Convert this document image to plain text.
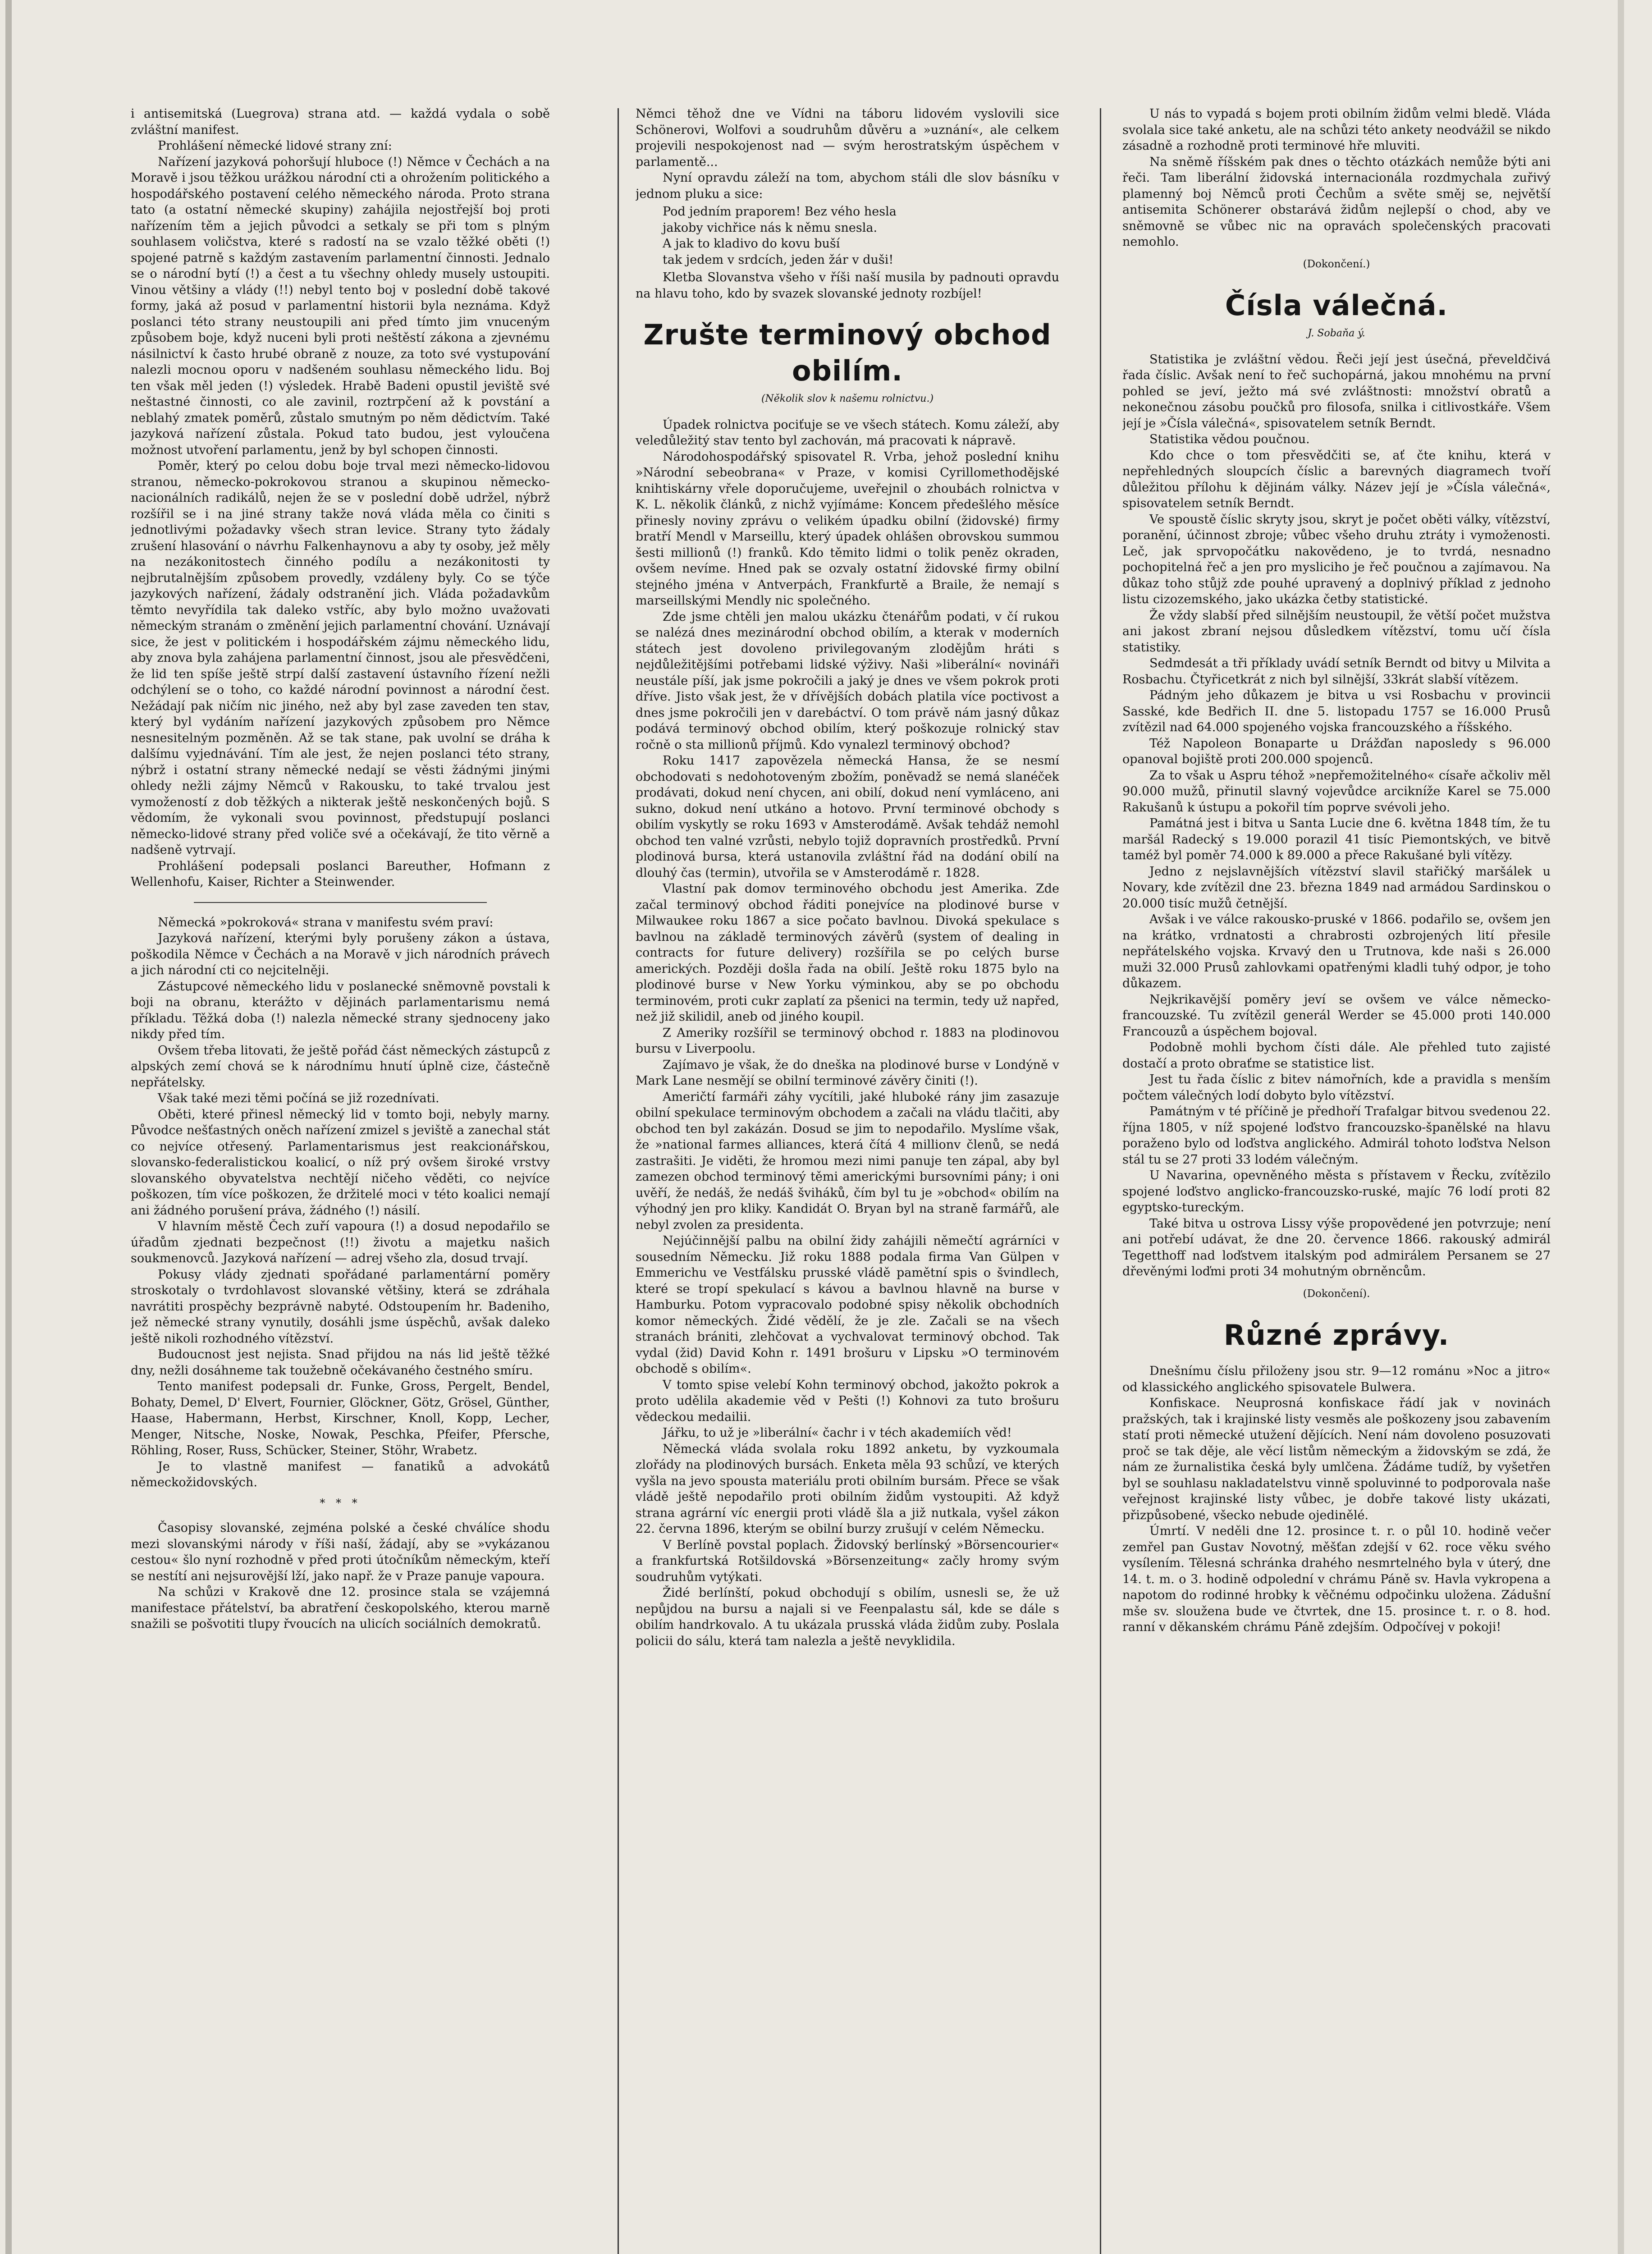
i antisemitská (Luegrova) strana atd. — každá vydala o sobě zvláštní manifest.

Prohlášení německé lidové strany zní:

Nařízení jazyková pohoršují hluboce (!) Němce v Čechách a na Moravě i jsou těžkou urážkou národní cti a ohrožením politického a hospodářského postavení celého německého národa. Proto strana tato (a ostatní německé skupiny) zahájila nejostřejší boj proti nařízením těm a jejich původci a setkaly se při tom s plným souhlasem voličstva, které s radostí na se vzalo těžké oběti (!) spojené patrně s každým zastavením parlamentní činnosti. Jednalo se o národní bytí (!) a čest a tu všechny ohledy musely ustoupiti. Vinou většiny a vlády (!!) nebyl tento boj v poslední době takové formy, jaká až posud v parlamentní historii byla neznáma. Když poslanci této strany neustoupili ani před tímto jim vnuceným způsobem boje, když nuceni byli proti neštěstí zákona a zjevnému násilnictví k často hrubé obraně z nouze, za toto své vystupování nalezli mocnou oporu v nadšeném souhlasu německého lidu. Boj ten však měl jeden (!) výsledek. Hrabě Badeni opustil jeviště své neštastné činnosti, co ale zavinil, roztrpčení až k povstání a neblahý zmatek poměrů, zůstalo smutným po něm dědictvím. Také jazyková nařízení zůstala. Pokud tato budou, jest vyloučena možnost utvoření parlamentu, jenž by byl schopen činnosti.

Poměr, který po celou dobu boje trval mezi německo-lidovou stranou, německo-pokrokovou stranou a skupinou německo-nacionálních radikálů, nejen že se v poslední době udržel, nýbrž rozšířil se i na jiné strany takže nová vláda měla co činiti s jednotlivými požadavky všech stran levice. Strany tyto žádaly zrušení hlasování o návrhu Falkenhaynovu a aby ty osoby, jež měly na nezákonitostech činného podílu a nezákonitosti ty nejbrutalnějším způsobem provedly, vzdáleny byly. Co se týče jazykových nařízení, žádaly odstranění jich. Vláda požadavkům těmto nevyřídila tak daleko vstříc, aby bylo možno uvažovati německým stranám o změnění jejich parlamentní chování. Uznávají sice, že jest v politickém i hospodářském zájmu německého lidu, aby znova byla zahájena parlamentní činnost, jsou ale přesvědčeni, že lid ten spíše ještě strpí další zastavení ústavního řízení nežli odchýlení se o toho, co každé národní povinnost a národní čest. Nežádají pak ničím nic jiného, než aby byl zase zaveden ten stav, který byl vydáním nařízení jazykových způsobem pro Němce nesnesitelným pozměněn. Až se tak stane, pak uvolní se dráha k dalšímu vyjednávání. Tím ale jest, že nejen poslanci této strany, nýbrž i ostatní strany německé nedají se věsti žádnými jinými ohledy nežli zájmy Němců v Rakousku, to také trvalou jest vymožeností z dob těžkých a nikterak ještě neskončených bojů. S vědomím, že vykonali svou povinnost, předstupují poslanci německo-lidové strany před voliče své a očekávají, že tito věrně a nadšeně vytrvají.

Prohlášení podepsali poslanci Bareuther, Hofmann z Wellenhofu, Kaiser, Richter a Steinwender.

Německá »pokroková« strana v manifestu svém praví:

Jazyková nařízení, kterými byly porušeny zákon a ústava, poškodila Němce v Čechách a na Moravě v jich národních právech a jich národní cti co nejcitelněji.

Zástupcové německého lidu v poslanecké sněmovně povstali k boji na obranu, kterážto v dějinách parlamentarismu nemá příkladu. Těžká doba (!) nalezla německé strany sjednoceny jako nikdy před tím.

Ovšem třeba litovati, že ještě pořád část německých zástupců z alpských zemí chová se k národnímu hnutí úplně cize, částečně nepřátelsky.

Však také mezi těmi počíná se již rozednívati.

Oběti, které přinesl německý lid v tomto boji, nebyly marny. Původce nešťastných oněch nařízení zmizel s jeviště a zanechal stát co nejvíce otřesený. Parlamentarismus jest reakcionářskou, slovansko-federalistickou koalicí, o níž prý ovšem široké vrstvy slovanského obyvatelstva nechtějí ničeho věděti, co nejvíce poškozen, tím více poškozen, že držitelé moci v této koalici nemají ani žádného porušení práva, žádného (!) násilí.

V hlavním městě Čech zuří vapoura (!) a dosud nepodařilo se úřadům zjednati bezpečnost (!!) životu a majetku našich soukmenovců. Jazyková nařízení — adrej všeho zla, dosud trvají.

Pokusy vlády zjednati spořádané parlamentární poměry stroskotaly o tvrdohlavost slovanské většiny, která se zdráhala navrátiti prospěchy bezprávně nabyté. Odstoupením hr. Badeniho, jež německé strany vynutily, dosáhli jsme úspěchů, avšak daleko ještě nikoli rozhodného vítězství.

Budoucnost jest nejista. Snad přijdou na nás lid ještě těžké dny, nežli dosáhneme tak toužebně očekávaného čestného smíru.

Tento manifest podepsali dr. Funke, Gross, Pergelt, Bendel, Bohaty, Demel, D' Elvert, Fournier, Glöckner, Götz, Grösel, Günther, Haase, Habermann, Herbst, Kirschner, Knoll, Kopp, Lecher, Menger, Nitsche, Noske, Nowak, Peschka, Pfeifer, Pfersche, Röhling, Roser, Russ, Schücker, Steiner, Stöhr, Wrabetz.

Je to vlastně manifest — fanatiků a advokátů německožidovských.

* * *

Časopisy slovanské, zejména polské a české chválíce shodu mezi slovanskými národy v říši naší, žádají, aby se »vykázanou cestou« šlo nyní rozhodně v před proti útočníkům německým, kteří se nestítí ani nejsurovější lží, jako např. že v Praze panuje vapoura.

Na schůzi v Krakově dne 12. prosince stala se vzájemná manifestace přátelství, ba abratření českopolského, kterou marně snažili se pošvotiti tlupy řvoucích na ulicích sociálních demokratů.

Němci těhož dne ve Vídni na táboru lidovém vyslovili sice Schönerovi, Wolfovi a soudruhům důvěru a »uznání«, ale celkem projevili nespokojenost nad — svým herostratským úspěchem v parlamentě...

Nyní opravdu záleží na tom, abychom stáli dle slov básníku v jednom pluku a sice:

Pod jedním praporem! Bez vého hesla
jakoby vichřice nás k němu snesla.
A jak to kladivo do kovu buší
tak jedem v srdcích, jeden žár v duši!

Kletba Slovanstva všeho v říši naší musila by padnouti opravdu na hlavu toho, kdo by svazek slovanské jednoty rozbíjel!

Zrušte terminový obchod obilím.
(Několik slov k našemu rolnictvu.)

Úpadek rolnictva pociťuje se ve všech státech. Komu záleží, aby veledůležitý stav tento byl zachován, má pracovati k nápravě.

Národohospodářský spisovatel R. Vrba, jehož poslední knihu »Národní sebeobrana« v Praze, v komisi Cyrillomethodějské knihtiskárny vřele doporučujeme, uveřejnil o zhoubách rolnictva v K. L. několik článků, z nichž vyjímáme: Koncem předešlého měsíce přinesly noviny zprávu o velikém úpadku obilní (židovské) firmy bratří Mendl v Marseillu, který úpadek ohlášen obrovskou summou šesti millionů (!) franků. Kdo těmito lidmi o tolik peněz okraden, ovšem nevíme. Hned pak se ozvaly ostatní židovské firmy obilní stejného jména v Antverpách, Frankfurtě a Braile, že nemají s marseillskými Mendly nic společného.

Zde jsme chtěli jen malou ukázku čtenářům podati, v čí rukou se nalézá dnes mezinárodní obchod obilím, a kterak v moderních státech jest dovoleno privilegovaným zlodějům hráti s nejdůležitějšími potřebami lidské výživy. Naši »liberální« novináři neustále píší, jak jsme pokročili a jaký je dnes ve všem pokrok proti dříve. Jisto však jest, že v dřívějších dobách platila více poctivost a dnes jsme pokročili jen v darebáctví. O tom právě nám jasný důkaz podává terminový obchod obilím, který poškozuje rolnický stav ročně o sta millionů příjmů. Kdo vynalezl terminový obchod?

Roku 1417 zapovězela německá Hansa, že se nesmí obchodovati s nedohotoveným zbožím, poněvadž se nemá slanéček prodávati, dokud není chycen, ani obilí, dokud není vymlácenо, ani sukno, dokud není utkáno a hotovo. První terminové obchody s obilím vyskytly se roku 1693 v Amsterodámě. Avšak tehdáž nemohl obchod ten valné vzrůsti, nebylo tojiž dopravních prostředků. První plodinová bursa, která ustanovila zvláštní řád na dodání obilí na dlouhý čas (termin), utvořila se v Amsterodámě r. 1828.

Vlastní pak domov terminového obchodu jest Amerika. Zde začal terminový obchod řáditi ponejvíce na plodinové burse v Milwaukee roku 1867 a sice počato bavlnou. Divoká spekulace s bavlnou na základě terminových závěrů (system of dealing in contracts for future delivery) rozšířila se po celých burse amerických. Později došla řada na obilí. Ještě roku 1875 bylo na plodinové burse v New Yorku výminkou, aby se po obchodu terminovém, proti cukr zaplatí za pšenici na termin, tedy už napřed, než již skilidil, aneb od jiného koupil.

Z Ameriky rozšířil se terminový obchod r. 1883 na plodinovou bursu v Liverpoolu.

Zajímavo je však, že do dneška na plodinové burse v Londýně v Mark Lane nesmějí se obilní terminové závěry činiti (!).

Američtí farmáři záhy vycítili, jaké hluboké rány jim zasazuje obilní spekulace terminovým obchodem a začali na vládu tlačiti, aby obchod ten byl zakázán. Dosud se jim to nepodařilo. Myslíme však, že »national farmes alliances, která čítá 4 millionv členů, se nedá zastrašiti. Je viděti, že hromou mezi nimi panuje ten zápal, aby byl zamezen obchod terminový těmi americkými bursovními pány; i oni uvěří, že nedáš, že nedáš šviháků, čím byl tu je »obchod« obilím na výhodný jen pro kliky. Kandidát O. Bryan byl na straně farmářů, ale nebyl zvolen za presidenta.

Nejúčinnější palbu na obilní židy zahájili němečtí agrárníci v sousedním Německu. Již roku 1888 podala firma Van Gülpen v Emmerichu ve Vestfálsku prusské vládě pamětní spis o švindlech, které se tropí spekulací s kávou a bavlnou hlavně na burse v Hamburku. Potom vypracovalo podobné spisy několik obchodních komor německých. Židé vědělí, že je zle. Začali se na všech stranách brániti, zlehčovat a vychvalovat terminový obchod. Tak vydal (žid) David Kohn r. 1491 brošuru v Lipsku »O terminovém obchodě s obilím«.

V tomto spise velebí Kohn terminový obchod, jakožto pokrok a proto udělila akademie věd v Pešti (!) Kohnovi za tuto brošuru vědeckou medailii.

Jářku, to už je »liberální« čachr i v téch akademiích věd!

Německá vláda svolala roku 1892 anketu, by vyzkoumala zlořády na plodinových bursách. Enketa měla 93 schůzí, ve kterých vyšla na jevo spousta materiálu proti obilním bursám. Přece se však vládě ještě nepodařilo proti obilním židům vystoupiti. Až když strana agrární víc energii proti vládě šla a již nutkala, vyšel zákon 22. června 1896, kterým se obilní burzy zrušují v celém Německu.

V Berlíně povstal poplach. Židovský berlínský »Börsencourier« a frankfurtská Rotšildovská »Börsenzeitung« začly hromy svým soudruhům vytýkati.

Židé berlínští, pokud obchodují s obilím, usnesli se, že už nepůjdou na bursu a najali si ve Feenpalastu sál, kde se dále s obilím handrkovalo. A tu ukázala prusská vláda židům zuby. Poslala policii do sálu, která tam nalezla a ještě nevyklidila.

U nás to vypadá s bojem proti obilním židům velmi bledě. Vláda svolala sice také anketu, ale na schůzi této ankety neodvážil se nikdo zásadně a rozhodně proti terminové hře mluviti.

Na sněmě říšském pak dnes o těchto otázkách nemůže býti ani řeči. Tam liberální židovská internacionála rozdmychala zuřivý plamenný boj Němců proti Čechům a světe směj se, největší antisemita Schönerer obstarává židům nejlepší o chod, aby ve sněmovně se vůbec nic na opravách společenských pracovati nemohlo.

(Dokončení.)
Čísla válečná.
J. Sobaňa ý.

Statistika je zvláštní vědou. Řeči její jest úsečná, převeldčivá řada číslic. Avšak není to řeč suchopárná, jakou mnohému na první pohled se jeví, ježto má své zvláštnosti: množství obratů a nekonečnou zásobu poučků pro filosofa, snilka i citlivostkáře. Všem její je »Čísla válečná«, spisovatelem setník Berndt.

Statistika vědou poučnou.

Kdo chce o tom přesvědčiti se, ať čte knihu, která v nepřehledných sloupcích číslic a barevných diagramech tvoří důležitou přílohu k dějinám války. Název její je »Čísla válečná«, spisovatelem setník Berndt.

Ve spoustě číslic skryty jsou, skryt je počet oběti války, vítězství, poranění, účinnost zbroje; vůbec všeho druhu ztráty i vymoženosti. Leč, jak sprvopočátku nakovědeno, je to tvrdá, nesnadno pochopitelná řeč a jen pro mysliciho je řeč poučnou a zajímavou. Na důkaz toho stůjž zde pouhé upravený a doplnivý příklad z jednoho listu cizozemského, jako ukázka četby statistické.

Že vždy slabší před silnějším neustoupil, že větší počet mužstva ani jakost zbraní nejsou důsledkem vítězství, tomu učí čísla statistiky.

Sedmdesát a tři příklady uvádí setník Berndt od bitvy u Milvita a Rosbachu. Čtyřicetkrát z nich byl silnější, 33krát slabší vítězem.

Pádným jeho důkazem je bitva u vsi Rosbachu v provincii Sasské, kde Bedřich II. dne 5. listopadu 1757 se 16.000 Prusů zvítězil nad 64.000 spojeného vojska francouzského a říšského.

Též Napoleon Bonaparte u Drážďan naposledy s 96.000 opanoval bojiště proti 200.000 spojenců.

Za to však u Aspru téhož »nepřemožitelného« císaře ačkoliv měl 90.000 mužů, přinutil slavný vojevůdce arcikníže Karel se 75.000 Rakušanů k ústupu a pokořil tím poprve svévoli jeho.

Památná jest i bitva u Santa Lucie dne 6. května 1848 tím, že tu maršál Radecký s 19.000 porazil 41 tisíc Piemontských, ve bitvě taméž byl poměr 74.000 k 89.000 a přece Rakušané byli vítězy.

Jedno z nejslavnějších vítězství slavil stařičký maršálek u Novary, kde zvítězil dne 23. března 1849 nad armádou Sardinskou o 20.000 tisíc mužů četnější.

Avšak i ve válce rakousko-pruské v 1866. podařilo se, ovšem jen na krátko, vrdnatosti a chrabrosti ozbrojených lití přesile nepřátelského vojska. Krvavý den u Trutnova, kde naši s 26.000 muži 32.000 Prusů zahlovkami opatřenými kladli tuhý odpor, je toho důkazem.

Nejkrikavější poměry jeví se ovšem ve válce německo-francouzské. Tu zvítězil generál Werder se 45.000 proti 140.000 Francouzů a úspěchem bojoval.

Podobně mohli bychom čísti dále. Ale přehled tuto zajisté dostačí a proto obraťme se statistice list.

Jest tu řada číslic z bitev námořních, kde a pravidla s menším počtem válečných lodí dobyto bylo vítězství.

Památným v té příčině je předhoří Trafalgar bitvou svedenou 22. října 1805, v níž spojené loďstvo francouzsko-španělské na hlavu poraženo bylo od loďstva anglického. Admirál tohoto loďstva Nelson stál tu se 27 proti 33 lodém válečným.

U Navarina, opevněného města s přístavem v Řecku, zvítězilo spojené loďstvo anglicko-francouzsko-ruské, majíc 76 lodí proti 82 egyptsko-tureckým.

Také bitva u ostrova Lissy výše propovědené jen potvrzuje; není ani potřebí udávat, že dne 20. července 1866. rakouský admirál Tegetthoff nad loďstvem italským pod admirálem Persanem se 27 dřevěnými loďmi proti 34 mohutným obrněncům.

(Dokončení).
Různé zprávy.

Dnešnímu číslu přiloženy jsou str. 9—12 románu »Noc a jitro« od klassického anglického spisovatele Bulwera.

Konfiskace. Neuprosná konfiskace řádí jak v novinách pražských, tak i krajinské listy vesměs ale poškozeny jsou zabavením statí proti německé utužení dějících. Není nám dovoleno posuzovati proč se tak děje, ale věcí listům německým a židovským se zdá, že nám ze žurnalistika česká byly umlčena. Žádáme tudíž, by vyšetřen byl se souhlasu nakladatelstvu vinně spoluvinné to podporovala naše veřejnost krajinské listy vůbec, je dobře takové listy ukázati, přizpůsobené, všecko nebude ojedinělé.

Úmrtí. V neděli dne 12. prosince t. r. o půl 10. hodině večer zemřel pan Gustav Novotný, měšťan zdejší v 62. roce věku svého vysílením. Tělesná schránka drahého nesmrtelného byla v úterý, dne 14. t. m. o 3. hodině odpolední v chrámu Páně sv. Havla vykropena a napotom do rodinné hrobky k věčnému odpočinku uložena. Zádušní mše sv. sloužena bude ve čtvrtek, dne 15. prosince t. r. o 8. hod. ranní v děkanském chrámu Páně zdejším. Odpočívej v pokoji!
